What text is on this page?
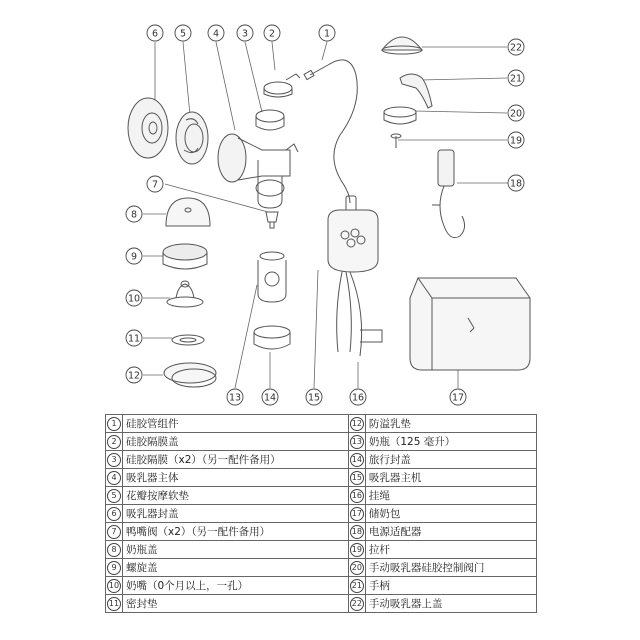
1
2
3
4
5
6
7
8
9
10
11
12
13 14	15	16	17
18
19
20
21
22
1	硅胶管组件	12	防溢乳垫
2	硅胶隔膜盖	13	奶瓶（125 毫升）
3	硅胶隔膜（x2）（另一配件备用）	14	旅行封盖
4	吸乳器主体	15	吸乳器主机
5	花瓣按摩软垫	16	挂绳
6	吸乳器封盖	17	储奶包
7	鸭嘴阀（x2）（另一配件备用）	18	电源适配器
8	奶瓶盖	19	拉杆
9	螺旋盖	20	手动吸乳器硅胶控制阀门
10	奶嘴（0个月以上，一孔）	21	手柄
11	密封垫	22	手动吸乳器上盖
